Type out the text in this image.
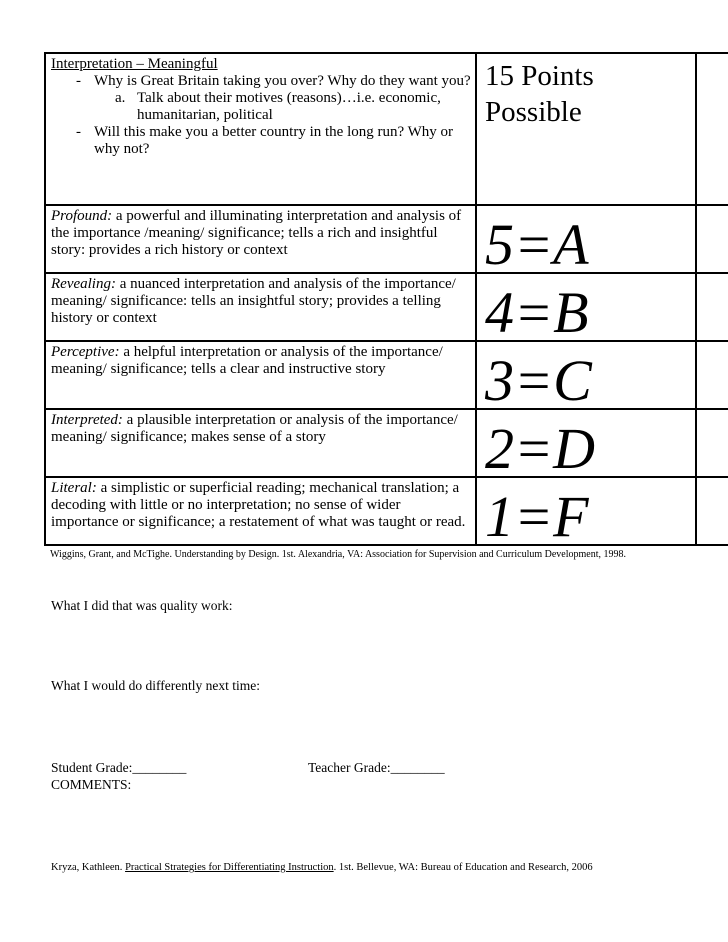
Interpretation – Meaningful
- Why is Great Britain taking you over? Why do they want you?
a. Talk about their motives (reasons)…i.e. economic, humanitarian, political
- Will this make you a better country in the long run? Why or why not?	15 Points Possible	

Profound: a powerful and illuminating interpretation and analysis of the importance /meaning/ significance; tells a rich and insightful story: provides a rich history or context	5=A	

Revealing: a nuanced interpretation and analysis of the importance/ meaning/ significance: tells an insightful story; provides a telling history or context	4=B	

Perceptive: a helpful interpretation or analysis of the importance/ meaning/ significance; tells a clear and instructive story	3=C	

Interpreted: a plausible interpretation or analysis of the importance/ meaning/ significance; makes sense of a story	2=D	

Literal: a simplistic or superficial reading; mechanical translation; a decoding with little or no interpretation; no sense of wider importance or significance; a restatement of what was taught or read.	1=F	

Wiggins, Grant, and McTighe. Understanding by Design. 1st. Alexandria, VA: Association for Supervision and Curriculum Development, 1998.
What I did that was quality work:
What I would do differently next time:
Student Grade:________	Teacher Grade:________
COMMENTS:
Kryza, Kathleen. Practical Strategies for Differentiating Instruction. 1st. Bellevue, WA: Bureau of Education and Research, 2006
